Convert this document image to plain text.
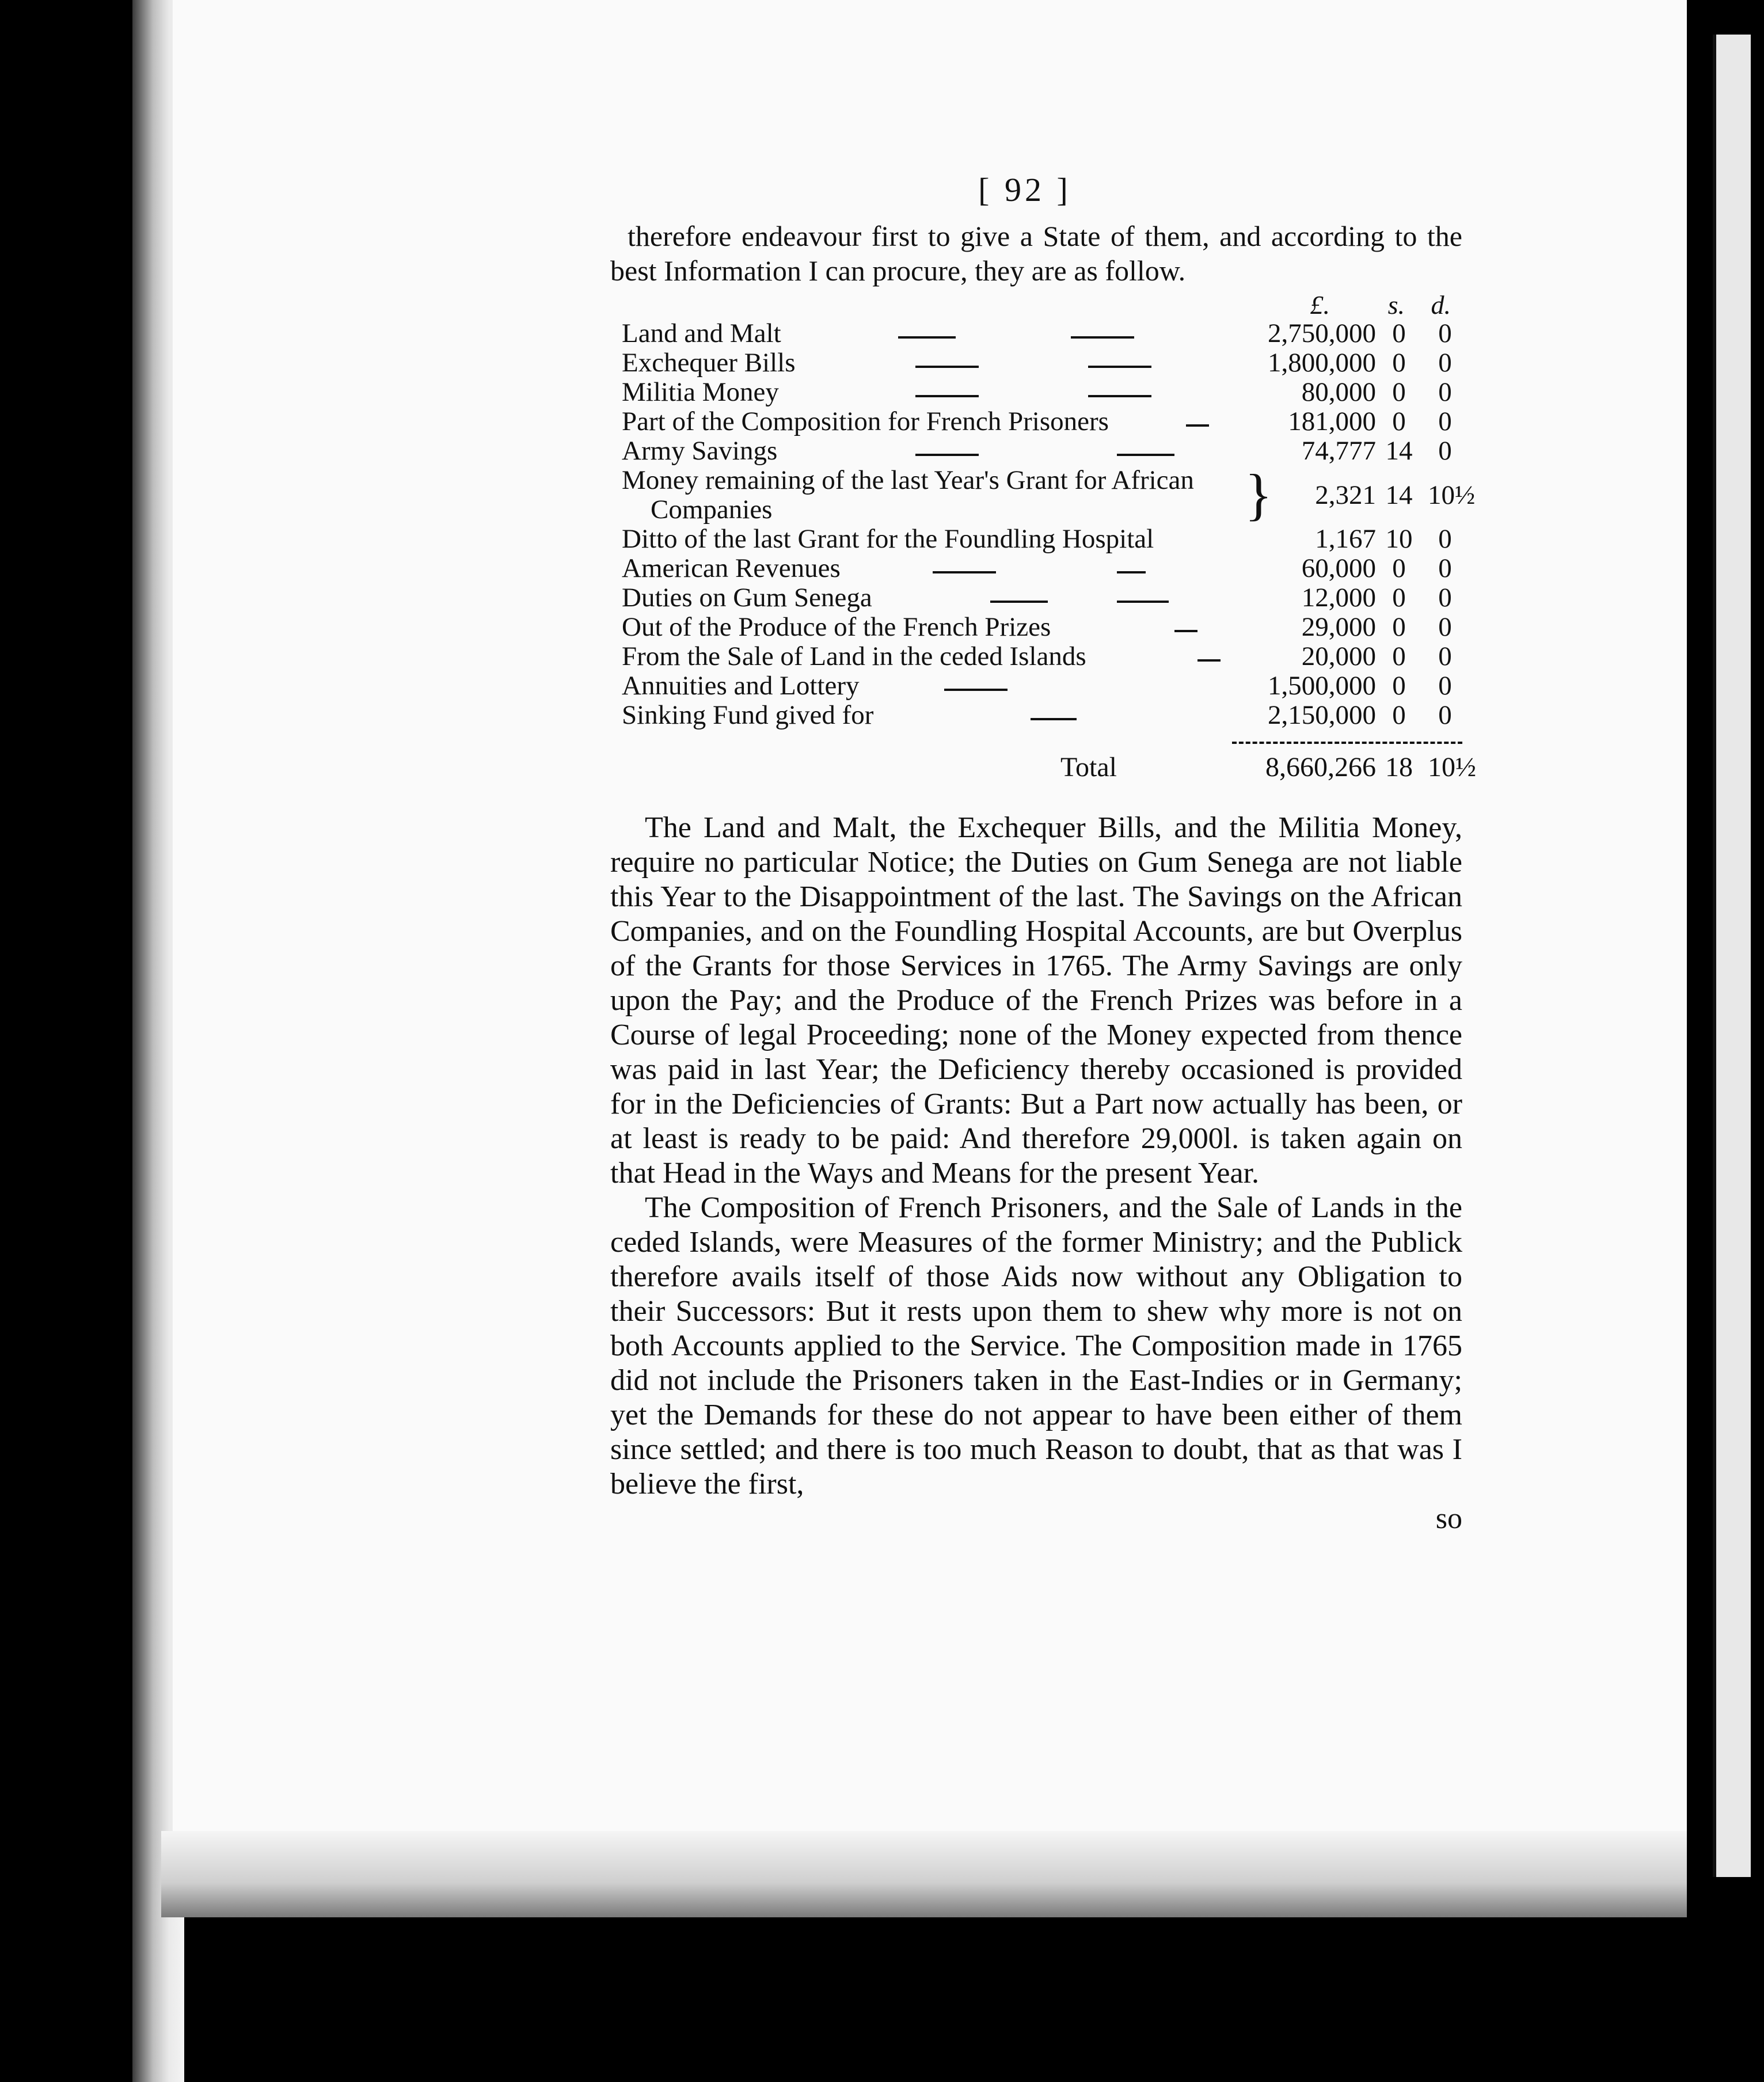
[ 92 ]

therefore endeavour first to give a State of them, and according to the best Information I can procure, they are as follow.

£. s. d.
Land and Malt	2,750,000 0	0
Exchequer Bills	1,800,000 0	0
Militia Money	80,000 0	0
Part of the Composition for French Prisoners	181,000 0	0
Army Savings	74,777 14 0
Money remaining of the last Year's Grant for African
Companies	} 2,321 14 10½
Ditto of the last Grant for the Foundling Hospital	1,167 10 0
American Revenues	60,000 0	0
Duties on Gum Senega	12,000 0	0
Out of the Produce of the French Prizes	29,000 0	0
From the Sale of Land in the ceded Islands	20,000 0	0
Annuities and Lottery	1,500,000 0	0
Sinking Fund gived for	2,150,000 0	0
Total	8,660,266 18 10½

The Land and Malt, the Exchequer Bills, and the Militia Money, require no particular Notice; the Duties on Gum Senega are not liable this Year to the Disappointment of the last. The Savings on the African Companies, and on the Foundling Hospital Accounts, are but Overplus of the Grants for those Services in 1765. The Army Savings are only upon the Pay; and the Produce of the French Prizes was before in a Course of legal Proceeding; none of the Money expected from thence was paid in last Year; the Deficiency thereby occasioned is provided for in the Deficiencies of Grants: But a Part now actually has been, or at least is ready to be paid: And therefore 29,000l. is taken again on that Head in the Ways and Means for the present Year.

The Composition of French Prisoners, and the Sale of Lands in the ceded Islands, were Measures of the former Ministry; and the Publick therefore avails itself of those Aids now without any Obligation to their Successors: But it rests upon them to shew why more is not on both Accounts applied to the Service. The Composition made in 1765 did not include the Prisoners taken in the East-Indies or in Germany; yet the Demands for these do not appear to have been either of them since settled; and there is too much Reason to doubt, that as that was I believe the first,

so
